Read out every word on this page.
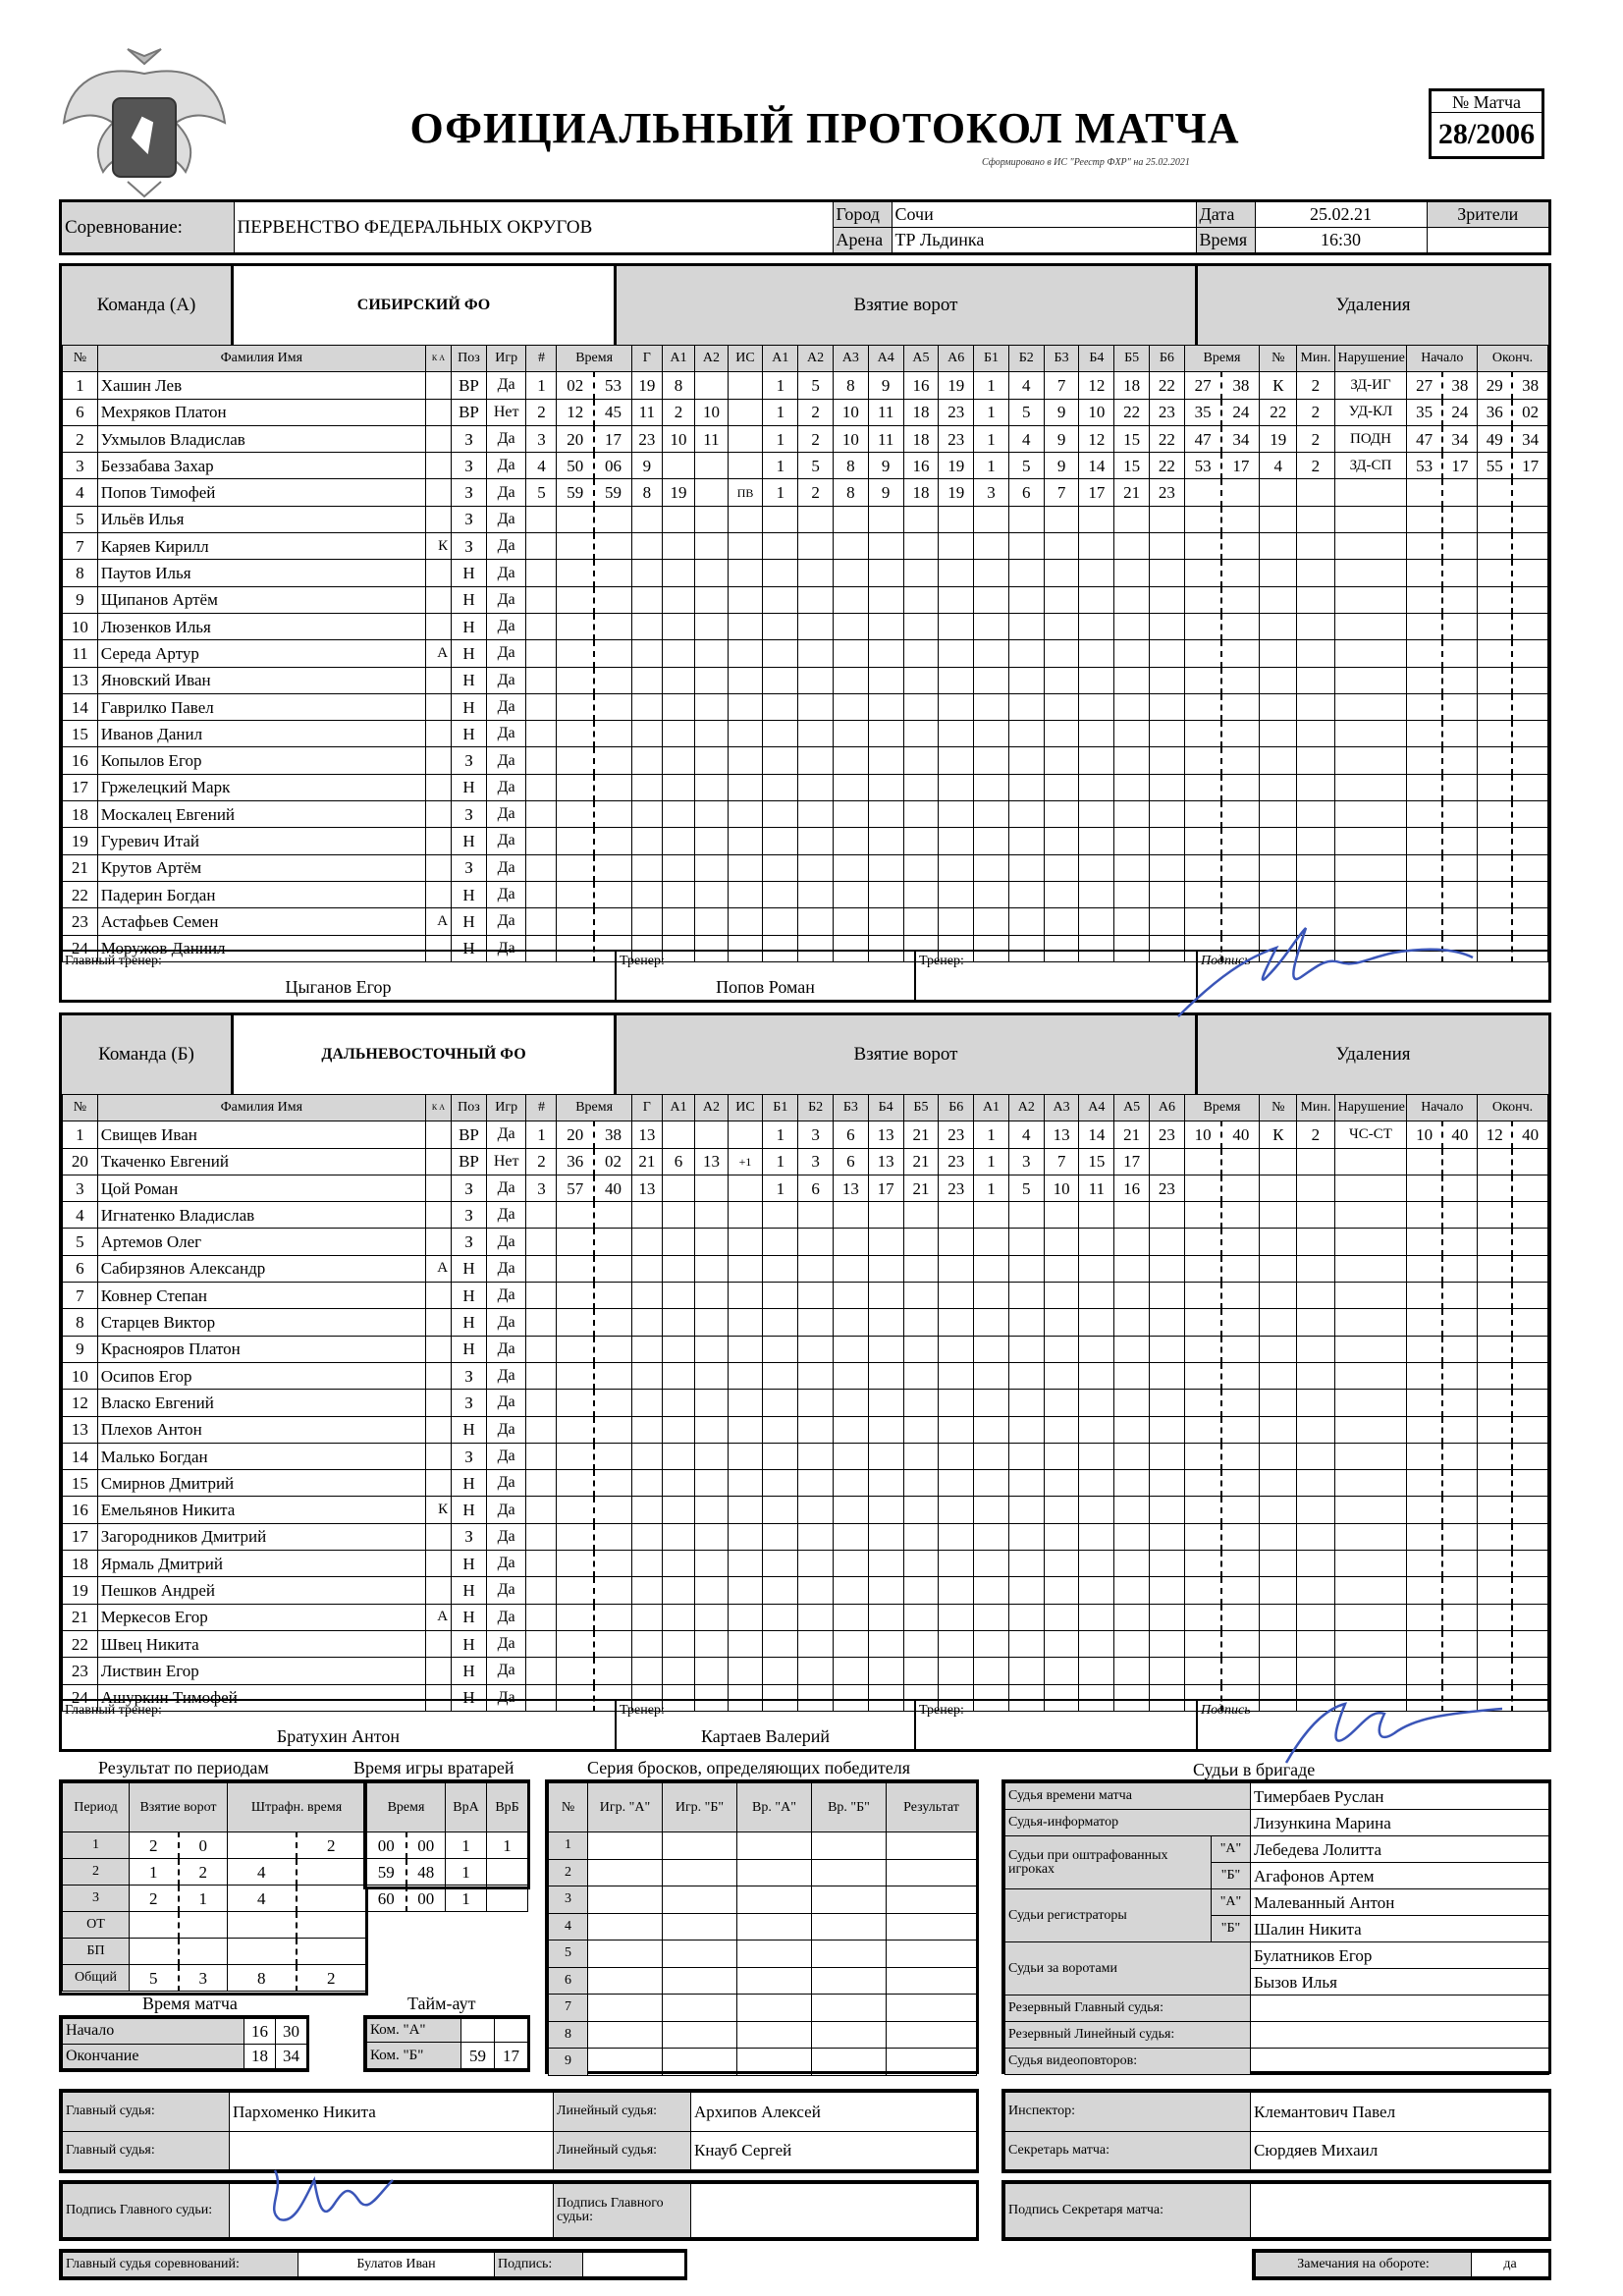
ОФИЦИАЛЬНЫЙ ПРОТОКОЛ МАТЧА
Сформировано в ИС "Реестр ФХР" на 25.02.2021
№ Матча
28/2006
Соревнование:	ПЕРВЕНСТВО ФЕДЕРАЛЬНЫХ ОКРУГОВ	Город	Сочи	Дата	25.02.21	Зрители
		Арена	ТР Льдинка	Время	16:30	
Команда (А)	СИБИРСКИЙ ФО	Взятие ворот	Удаления
№	Фамилия Имя	К А	Поз	Игр	#	Время		Г	А1	А2	ИС	А1	А2	А3	А4	А5	А6	Б1	Б2	Б3	Б4	Б5	Б6	Время		№	Мин.	Нарушение	Начало		Оконч.	
1	Хашин Лев		ВР	Да	1	02	53	19	8			1	5	8	9	16	19	1	4	7	12	18	22	27	38	К	2	ЗД-ИГ	27	38	29	38
6	Мехряков Платон		ВР	Нет	2	12	45	11	2	10		1	2	10	11	18	23	1	5	9	10	22	23	35	24	22	2	УД-КЛ	35	24	36	02
2	Ухмылов Владислав		З	Да	3	20	17	23	10	11		1	2	10	11	18	23	1	4	9	12	15	22	47	34	19	2	ПОДН	47	34	49	34
3	Беззабава Захар		З	Да	4	50	06	9				1	5	8	9	16	19	1	5	9	14	15	22	53	17	4	2	ЗД-СП	53	17	55	17
4	Попов Тимофей		З	Да	5	59	59	8	19		ПВ	1	2	8	9	18	19	3	6	7	17	21	23									
5	Ильёв Илья		З	Да																												
7	Каряев Кирилл	К	З	Да																												
8	Паутов Илья		Н	Да																												
9	Щипанов Артём		Н	Да																												
10	Люзенков Илья		Н	Да																												
11	Середа Артур	А	Н	Да																												
13	Яновский Иван		Н	Да																												
14	Гаврилко Павел		Н	Да																												
15	Иванов Данил		Н	Да																												
16	Копылов Егор		З	Да																												
17	Гржелецкий Марк		Н	Да																												
18	Москалец Евгений		З	Да																												
19	Гуревич Итай		Н	Да																												
21	Крутов Артём		З	Да																												
22	Падерин Богдан		Н	Да																												
23	Астафьев Семен	А	Н	Да																												
24	Моружов Даниил		Н	Да																												
Главный тренер:
Цыганов Егор
Тренер:
Попов Роман
Тренер:	Подпись
Команда (Б)	ДАЛЬНЕВОСТОЧНЫЙ ФО	Взятие ворот	Удаления
№	Фамилия Имя	К А	Поз	Игр	#	Время		Г	А1	А2	ИС	Б1	Б2	Б3	Б4	Б5	Б6	А1	А2	А3	А4	А5	А6	Время		№	Мин.	Нарушение	Начало		Оконч.	
1	Свищев Иван		ВР	Да	1	20	38	13				1	3	6	13	21	23	1	4	13	14	21	23	10	40	К	2	ЧС-СТ	10	40	12	40
20	Ткаченко Евгений		ВР	Нет	2	36	02	21	6	13	+1	1	3	6	13	21	23	1	3	7	15	17										
3	Цой Роман		З	Да	3	57	40	13				1	6	13	17	21	23	1	5	10	11	16	23									
4	Игнатенко Владислав		З	Да																												
5	Артемов Олег		З	Да																												
6	Сабирзянов Александр	А	Н	Да																												
7	Ковнер Степан		Н	Да																												
8	Старцев Виктор		Н	Да																												
9	Краснояров Платон		Н	Да																												
10	Осипов Егор		З	Да																												
12	Власко Евгений		З	Да																												
13	Плехов Антон		Н	Да																												
14	Малько Богдан		З	Да																												
15	Смирнов Дмитрий		Н	Да																												
16	Емельянов Никита	К	Н	Да																												
17	Загородников Дмитрий		З	Да																												
18	Ярмаль Дмитрий		Н	Да																												
19	Пешков Андрей		Н	Да																												
21	Меркесов Егор	А	Н	Да																												
22	Швец Никита		Н	Да																												
23	Листвин Егор		Н	Да																												
24	Ашуркин Тимофей		Н	Да																												
Главный тренер:
Братухин Антон
Тренер:
Картаев Валерий
Тренер:	Подпись
Результат по периодам	Время игры вратарей	Серия бросков, определяющих победителя	Судьи в бригаде
Период	Взятие ворот		Штрафн. время	
1	2	0		2
2	1	2	4	
3	2	1	4	
ОТ				
БП				
Общий	5	3	8	2
Время		ВрА	ВрБ
00	00	1	1
59	48	1	
60	00	1	
Время матча	Тайм-аут
Начало	16	30
Окончание	18	34
Ком. "А"		
Ком. "Б"	59	17
№	Игр. "А"	Игр. "Б"	Вр. "А"	Вр. "Б"	Результат
1					
2					
3					
4					
5					
6					
7					
8					
9					
Судья времени матча		Тимербаев Руслан
Судья-информатор		Лизункина Марина
Судьи при оштрафованных игроках	"А"	Лебедева Лолитта
	"Б"	Агафонов Артем
Судьи регистраторы	"А"	Малеванный Антон
	"Б"	Шалин Никита
Судьи за воротами		Булатников Егор
		Бызов Илья
Резервный Главный судья:		
Резервный Линейный судья:		
Судья видеоповторов:		
Главный судья:	Пархоменко Никита	Линейный судья:	Архипов Алексей
Главный судья:		Линейный судья:	Кнауб Сергей
Инспектор:	Клемантович Павел
Секретарь матча:	Сюрдяев Михаил
Подпись Главного судьи:		Подпись Главного судьи:		Подпись Секретаря матча:	
Главный судья соревнований:	Булатов Иван	Подпись:		Замечания на обороте:	да
